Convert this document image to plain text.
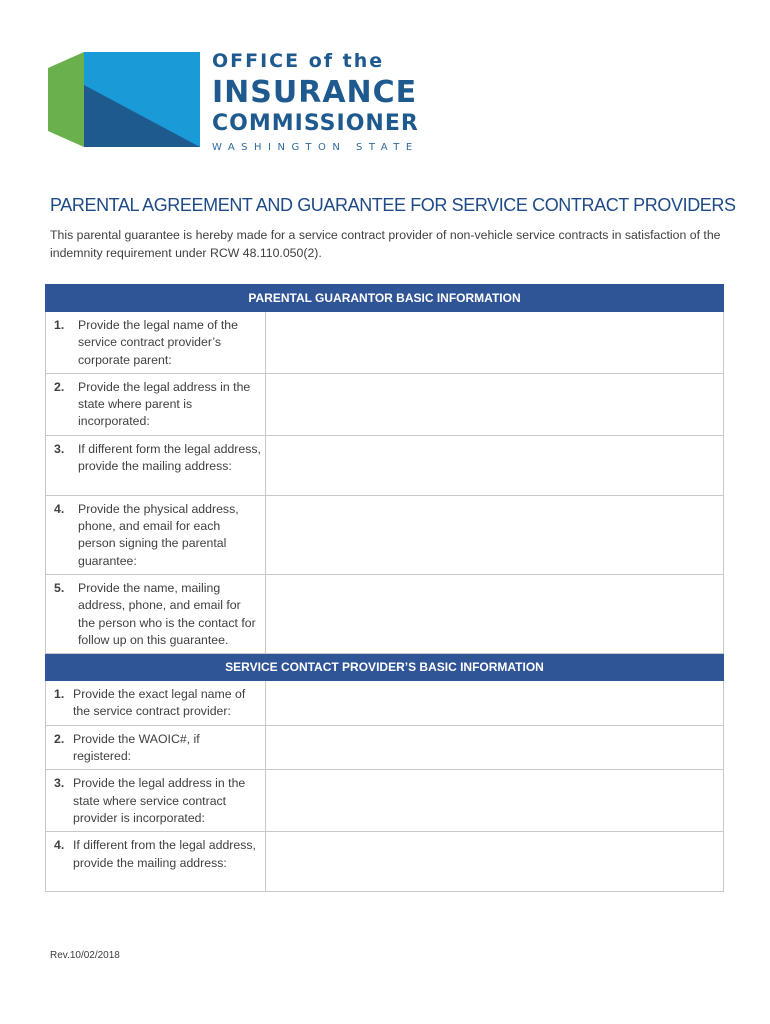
OFFICE of the
INSURANCE
COMMISSIONER
WASHINGTON STATE
PARENTAL AGREEMENT AND GUARANTEE FOR SERVICE CONTRACT PROVIDERS
This parental guarantee is hereby made for a service contract provider of non-vehicle service contracts in satisfaction of the indemnity requirement under RCW 48.110.050(2).
PARENTAL GUARANTOR BASIC INFORMATION	

1. Provide the legal name of the service contract provider’s corporate parent:	

2. Provide the legal address in the state where parent is incorporated:	

3. If different form the legal address, provide the mailing address:	

4. Provide the physical address, phone, and email for each person signing the parental guarantee:	

5. Provide the name, mailing address, phone, and email for the person who is the contact for follow up on this guarantee.	

SERVICE CONTACT PROVIDER’S BASIC INFORMATION	

1. Provide the exact legal name of the service contract provider:	

2. Provide the WAOIC#, if registered:	

3. Provide the legal address in the state where service contract provider is incorporated:	

4. If different from the legal address, provide the mailing address:	

Rev.10/02/2018
